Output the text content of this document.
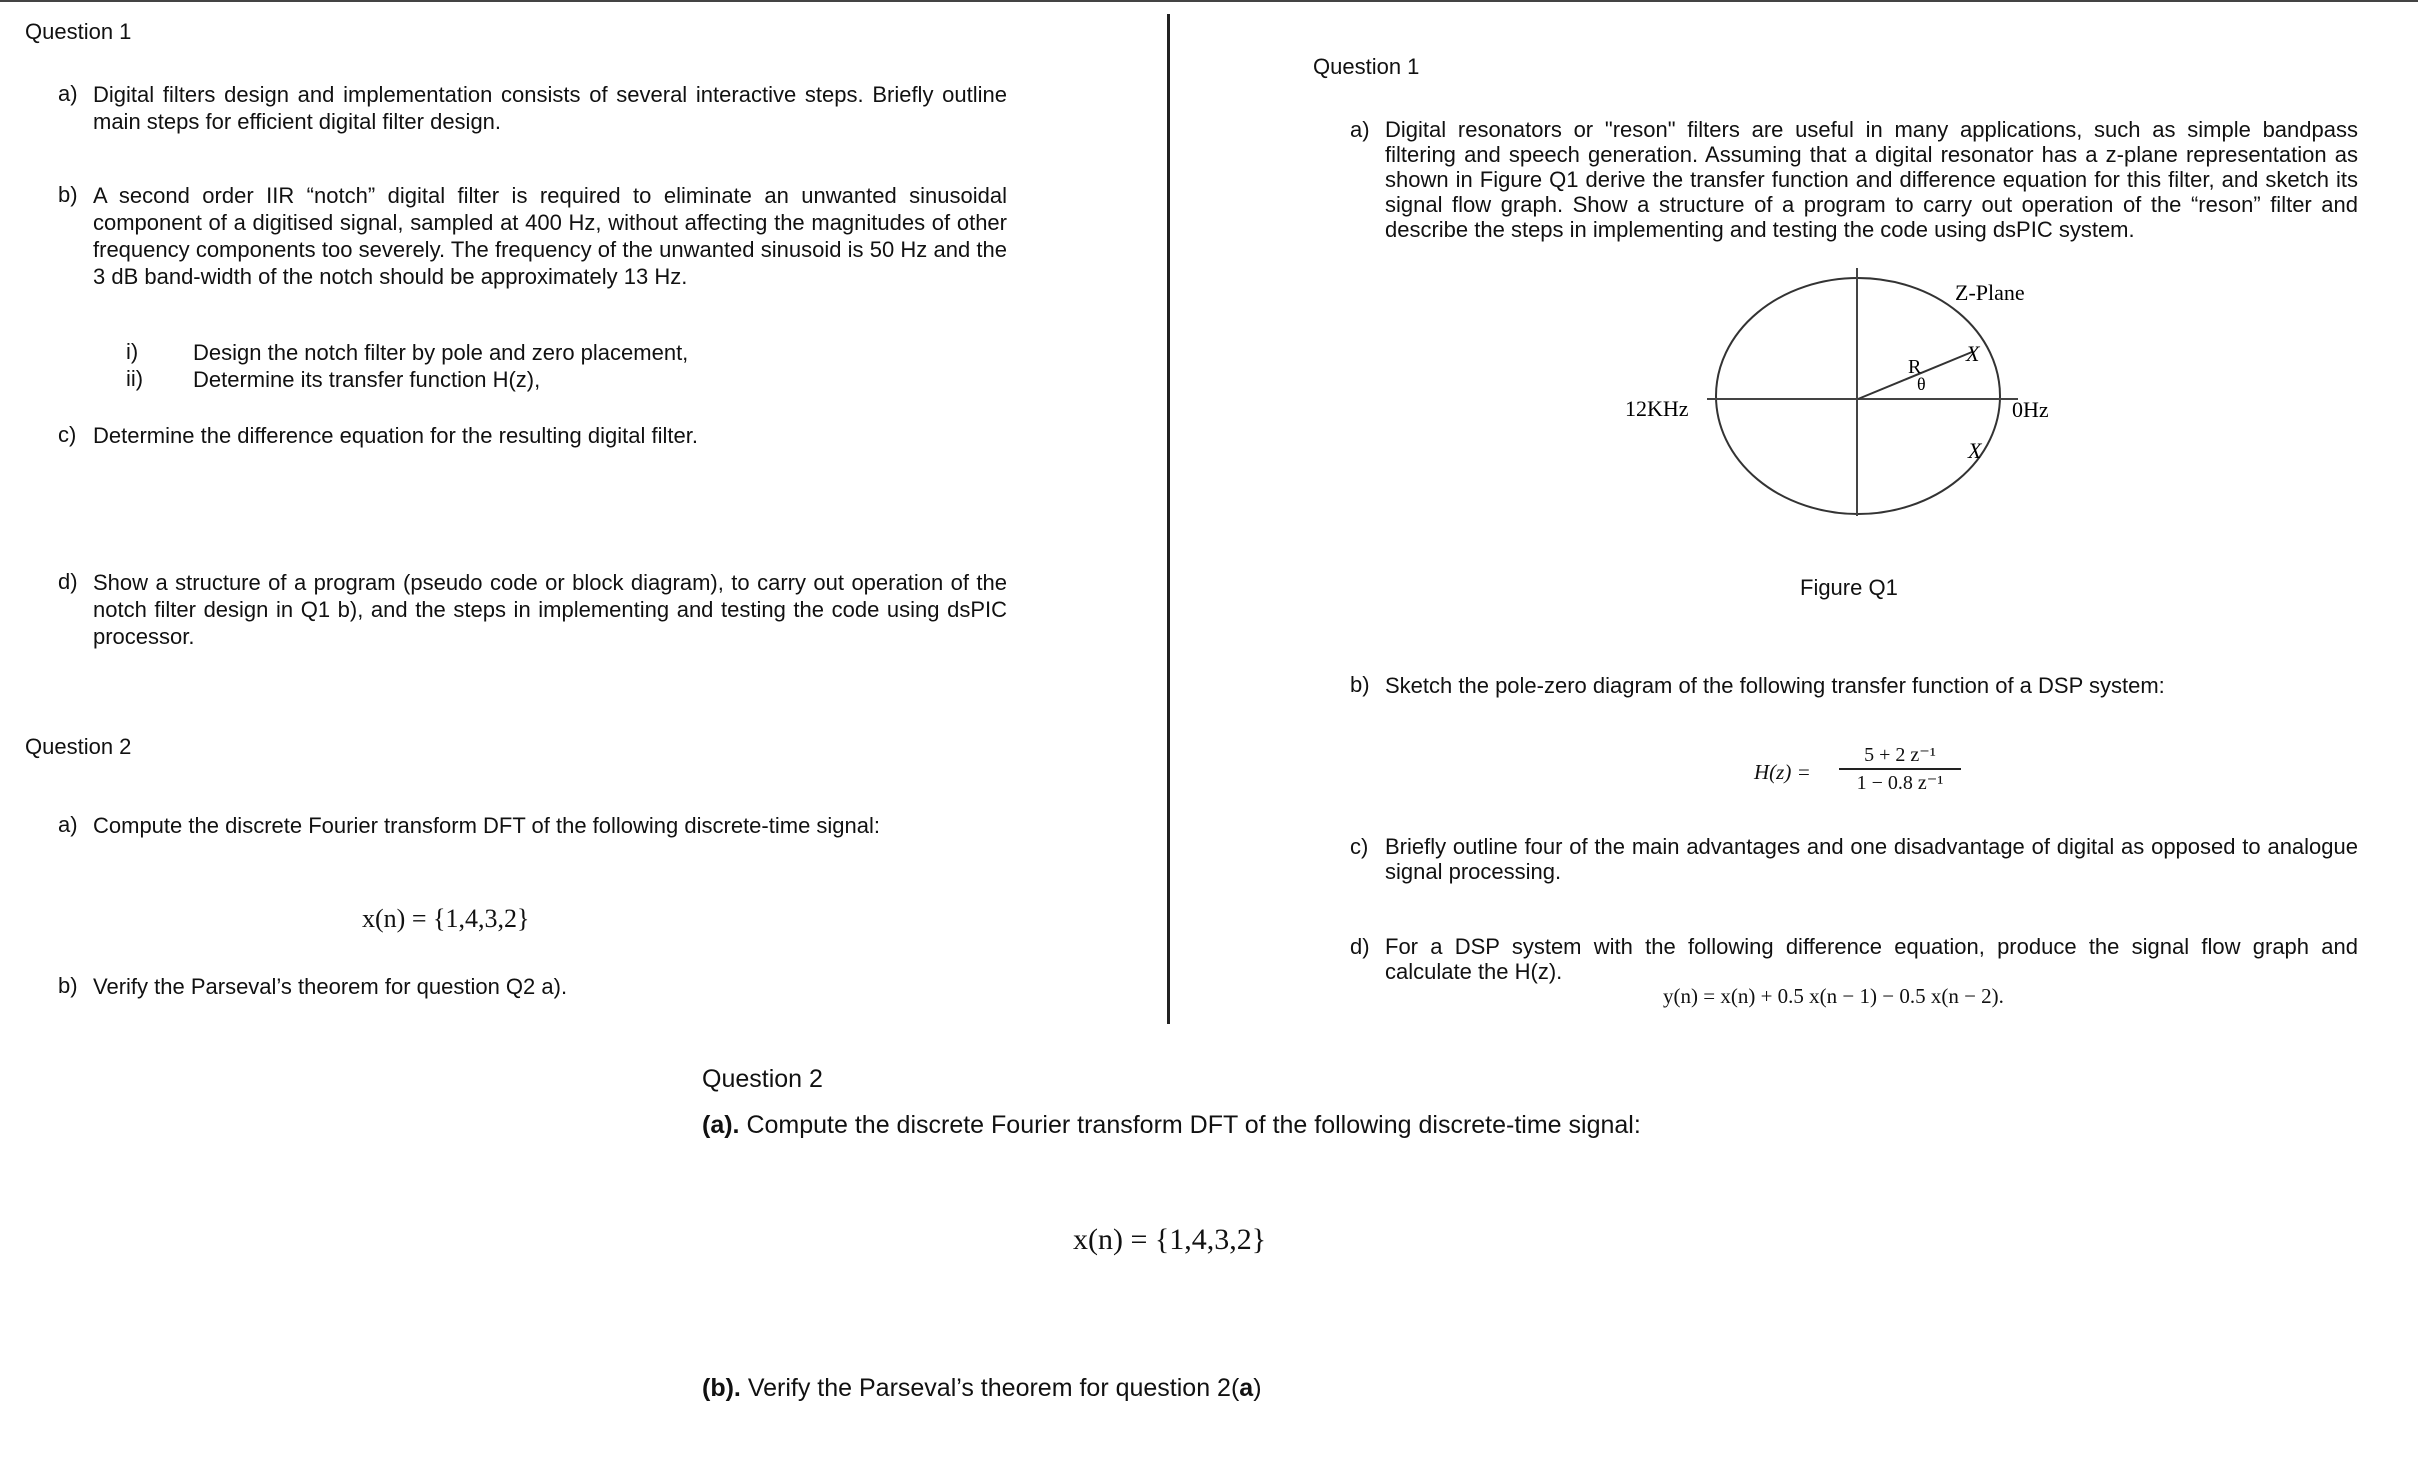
Question 1
a) Digital filters design and implementation consists of several interactive steps. Briefly outline main steps for efficient digital filter design.
b) A second order IIR “notch” digital filter is required to eliminate an unwanted sinusoidal component of a digitised signal, sampled at 400 Hz, without affecting the magnitudes of other frequency components too severely. The frequency of the unwanted sinusoid is 50 Hz and the 3 dB band-width of the notch should be approximately 13 Hz.
i) Design the notch filter by pole and zero placement,
ii) Determine its transfer function H(z),
c) Determine the difference equation for the resulting digital filter.
d) Show a structure of a program (pseudo code or block diagram), to carry out operation of the notch filter design in Q1 b), and the steps in implementing and testing the code using dsPIC processor.
Question 2
a) Compute the discrete Fourier transform DFT of the following discrete-time signal:
x(n) = {1,4,3,2}
b) Verify the Parseval’s theorem for question Q2 a).
Question 1
a) Digital resonators or "reson" filters are useful in many applications, such as simple bandpass filtering and speech generation. Assuming that a digital resonator has a z-plane representation as shown in Figure Q1 derive the transfer function and difference equation for this filter, and sketch its signal flow graph. Show a structure of a program to carry out operation of the “reson” filter and describe the steps in implementing and testing the code using dsPIC system.
Z-Plane
12KHz	0Hz
R
θ
X
X
Figure Q1
b) Sketch the pole-zero diagram of the following transfer function of a DSP system:
H(z) =
5 + 2 z⁻¹
1 − 0.8 z⁻¹
c) Briefly outline four of the main advantages and one disadvantage of digital as opposed to analogue signal processing.
d) For a DSP system with the following difference equation, produce the signal flow graph and calculate the H(z).
y(n) = x(n) + 0.5 x(n − 1) − 0.5 x(n − 2).
Question 2
(a). Compute the discrete Fourier transform DFT of the following discrete-time signal:
x(n) = {1,4,3,2}
(b). Verify the Parseval’s theorem for question 2(a)
